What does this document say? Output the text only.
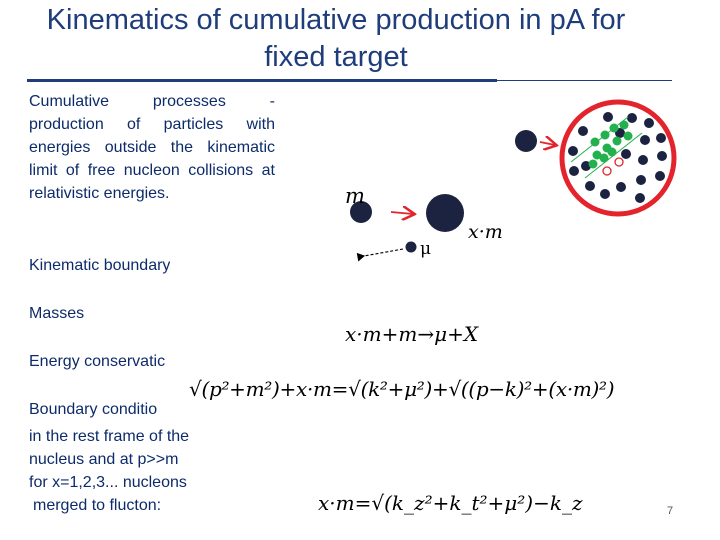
Kinematics of cumulative production in pA for
fixed target
Cumulative processes - production of particles with energies outside the kinematic limit of free nucleon collisions at relativistic energies.
Kinematic boundary
Masses
Energy conservatic
Boundary conditio
in the rest frame of the
nucleus and at p>>m
for x=1,2,3... nucleons
merged to flucton:
m
x·m
μ
x·m+m→μ+X
√(p²+m²)+x·m=√(k²+μ²)+√((p−k)²+(x·m)²)
x·m=√(k_z²+k_t²+μ²)−k_z	7
